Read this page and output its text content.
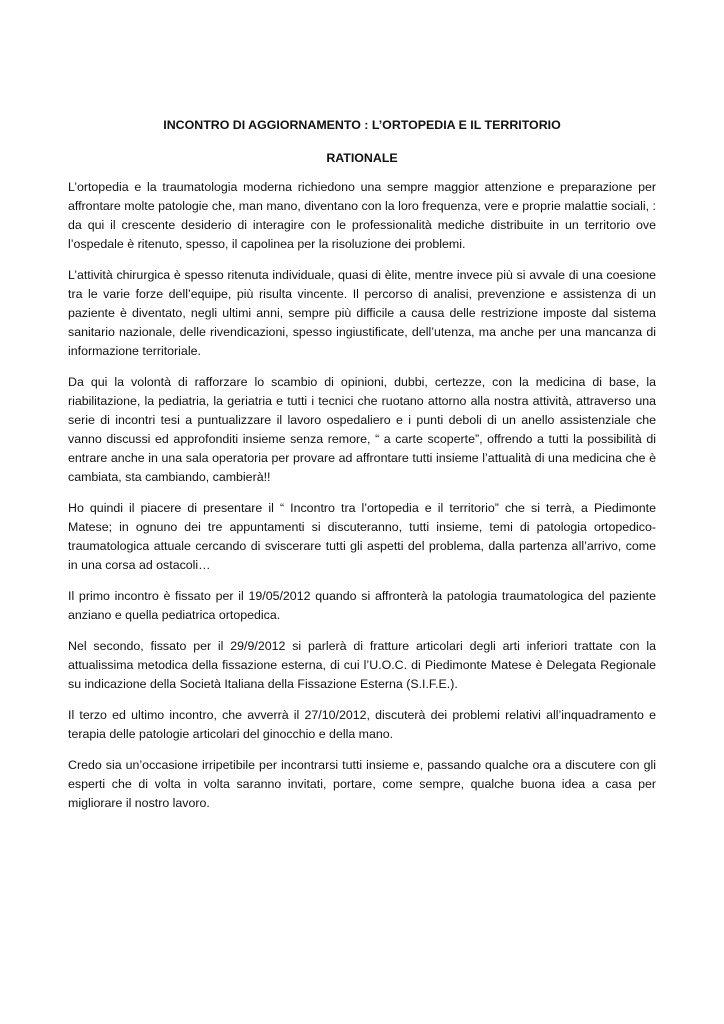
INCONTRO DI AGGIORNAMENTO : L’ORTOPEDIA E IL TERRITORIO

RATIONALE

L’ortopedia e la traumatologia moderna richiedono una sempre maggior attenzione e preparazione per affrontare molte patologie che, man mano, diventano con la loro frequenza, vere e proprie malattie sociali, : da qui il crescente desiderio di interagire con le professionalità mediche distribuite in un territorio ove l’ospedale è ritenuto, spesso, il capolinea per la risoluzione dei problemi.

L’attività chirurgica è spesso ritenuta individuale, quasi di èlite, mentre invece più si avvale di una coesione tra le varie forze dell’equipe, più risulta vincente. Il percorso di analisi, prevenzione e assistenza di un paziente è diventato, negli ultimi anni, sempre più difficile a causa delle restrizione imposte dal sistema sanitario nazionale, delle rivendicazioni, spesso ingiustificate, dell’utenza, ma anche per una mancanza di informazione territoriale.

Da qui la volontà di rafforzare lo scambio di opinioni, dubbi, certezze, con la medicina di base, la riabilitazione, la pediatria, la geriatria e tutti i tecnici che ruotano attorno alla nostra attività, attraverso una serie di incontri tesi a puntualizzare il lavoro ospedaliero e i punti deboli di un anello assistenziale che vanno discussi ed approfonditi insieme senza remore, “ a carte scoperte”, offrendo a tutti la possibilità di entrare anche in una sala operatoria per provare ad affrontare tutti insieme l’attualità di una medicina che è cambiata, sta cambiando, cambierà!!

Ho quindi il piacere di presentare il “ Incontro tra l’ortopedia e il territorio” che si terrà, a Piedimonte Matese; in ognuno dei tre appuntamenti si discuteranno, tutti insieme, temi di patologia ortopedico-traumatologica attuale cercando di sviscerare tutti gli aspetti del problema, dalla partenza all’arrivo, come in una corsa ad ostacoli…

Il primo incontro è fissato per il 19/05/2012 quando si affronterà la patologia traumatologica del paziente anziano e quella pediatrica ortopedica.

Nel secondo, fissato per il 29/9/2012 si parlerà di fratture articolari degli arti inferiori trattate con la attualissima metodica della fissazione esterna, di cui l’U.O.C. di Piedimonte Matese è Delegata Regionale su indicazione della Società Italiana della Fissazione Esterna (S.I.F.E.).

Il terzo ed ultimo incontro, che avverrà il 27/10/2012, discuterà dei problemi relativi all’inquadramento e terapia delle patologie articolari del ginocchio e della mano.

Credo sia un’occasione irripetibile per incontrarsi tutti insieme e, passando qualche ora a discutere con gli esperti che di volta in volta saranno invitati, portare, come sempre, qualche buona idea a casa per migliorare il nostro lavoro.
